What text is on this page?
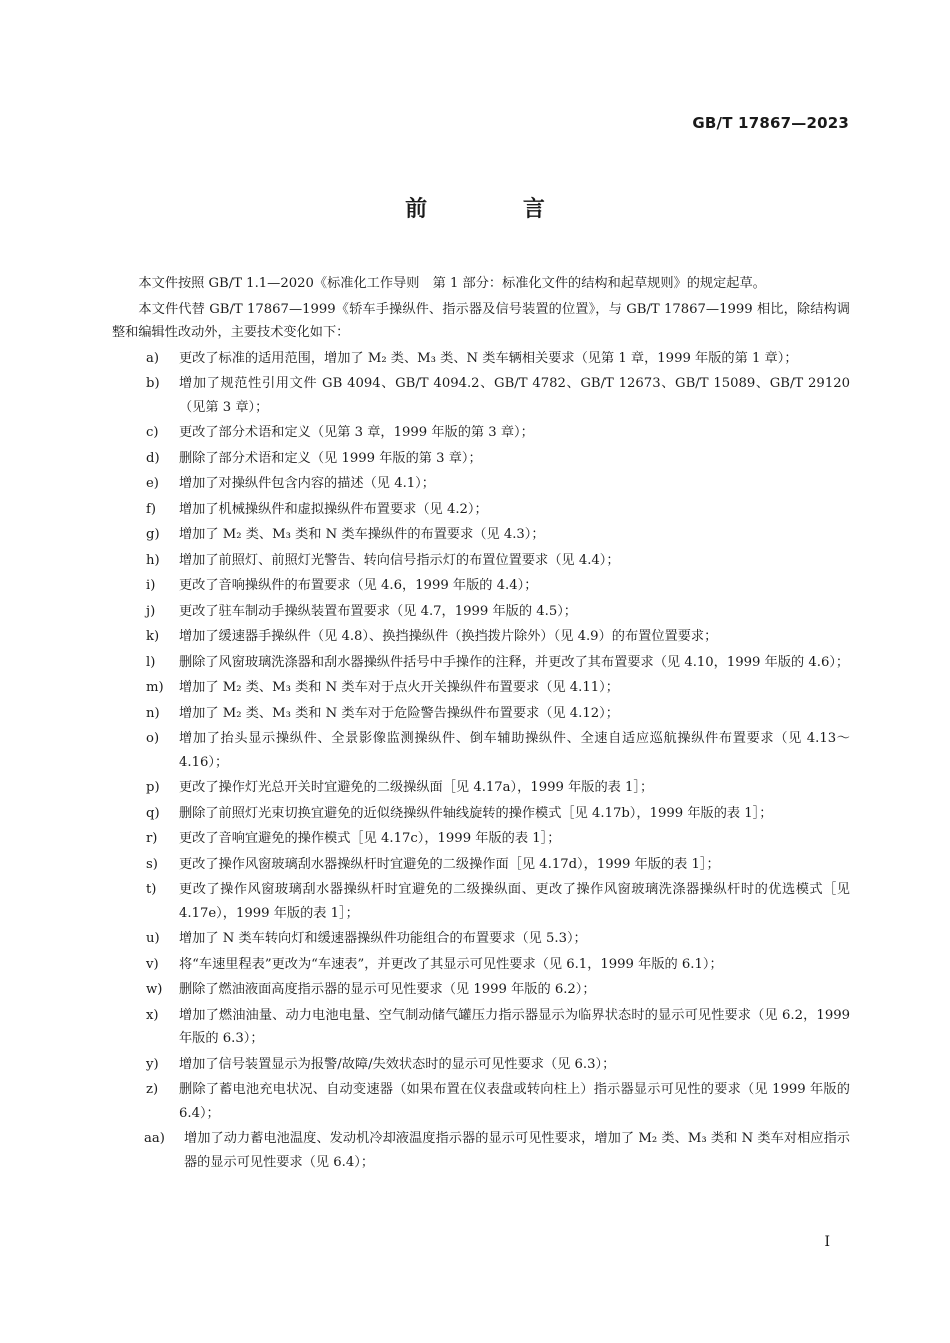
GB/T 17867—2023
前 言

本文件按照 GB/T 1.1—2020《标准化工作导则　第 1 部分：标准化文件的结构和起草规则》的规定起草。

本文件代替 GB/T 17867—1999《轿车手操纵件、指示器及信号装置的位置》，与 GB/T 17867—1999 相比，除结构调整和编辑性改动外，主要技术变化如下：

a) 更改了标准的适用范围，增加了 M₂ 类、M₃ 类、N 类车辆相关要求（见第 1 章，1999 年版的第 1 章）；
b) 增加了规范性引用文件 GB 4094、GB/T 4094.2、GB/T 4782、GB/T 12673、GB/T 15089、GB/T 29120（见第 3 章）；
c) 更改了部分术语和定义（见第 3 章，1999 年版的第 3 章）；
d) 删除了部分术语和定义（见 1999 年版的第 3 章）；
e) 增加了对操纵件包含内容的描述（见 4.1）；
f) 增加了机械操纵件和虚拟操纵件布置要求（见 4.2）；
g) 增加了 M₂ 类、M₃ 类和 N 类车操纵件的布置要求（见 4.3）；
h) 增加了前照灯、前照灯光警告、转向信号指示灯的布置位置要求（见 4.4）；
i) 更改了音响操纵件的布置要求（见 4.6，1999 年版的 4.4）；
j) 更改了驻车制动手操纵装置布置要求（见 4.7，1999 年版的 4.5）；
k) 增加了缓速器手操纵件（见 4.8）、换挡操纵件（换挡拨片除外）（见 4.9）的布置位置要求；
l) 删除了风窗玻璃洗涤器和刮水器操纵件括号中手操作的注释，并更改了其布置要求（见 4.10，1999 年版的 4.6）；
m) 增加了 M₂ 类、M₃ 类和 N 类车对于点火开关操纵件布置要求（见 4.11）；
n) 增加了 M₂ 类、M₃ 类和 N 类车对于危险警告操纵件布置要求（见 4.12）；
o) 增加了抬头显示操纵件、全景影像监测操纵件、倒车辅助操纵件、全速自适应巡航操纵件布置要求（见 4.13～4.16）；
p) 更改了操作灯光总开关时宜避免的二级操纵面［见 4.17a），1999 年版的表 1］；
q) 删除了前照灯光束切换宜避免的近似绕操纵件轴线旋转的操作模式［见 4.17b），1999 年版的表 1］；
r) 更改了音响宜避免的操作模式［见 4.17c），1999 年版的表 1］；
s) 更改了操作风窗玻璃刮水器操纵杆时宜避免的二级操作面［见 4.17d），1999 年版的表 1］；
t) 更改了操作风窗玻璃刮水器操纵杆时宜避免的二级操纵面、更改了操作风窗玻璃洗涤器操纵杆时的优选模式［见 4.17e），1999 年版的表 1］；
u) 增加了 N 类车转向灯和缓速器操纵件功能组合的布置要求（见 5.3）；
v) 将“车速里程表”更改为“车速表”，并更改了其显示可见性要求（见 6.1，1999 年版的 6.1）；
w) 删除了燃油液面高度指示器的显示可见性要求（见 1999 年版的 6.2）；
x) 增加了燃油油量、动力电池电量、空气制动储气罐压力指示器显示为临界状态时的显示可见性要求（见 6.2，1999 年版的 6.3）；
y) 增加了信号装置显示为报警/故障/失效状态时的显示可见性要求（见 6.3）；
z) 删除了蓄电池充电状况、自动变速器（如果布置在仪表盘或转向柱上）指示器显示可见性的要求（见 1999 年版的 6.4）；
aa) 增加了动力蓄电池温度、发动机冷却液温度指示器的显示可见性要求，增加了 M₂ 类、M₃ 类和 N 类车对相应指示器的显示可见性要求（见 6.4）；
I
